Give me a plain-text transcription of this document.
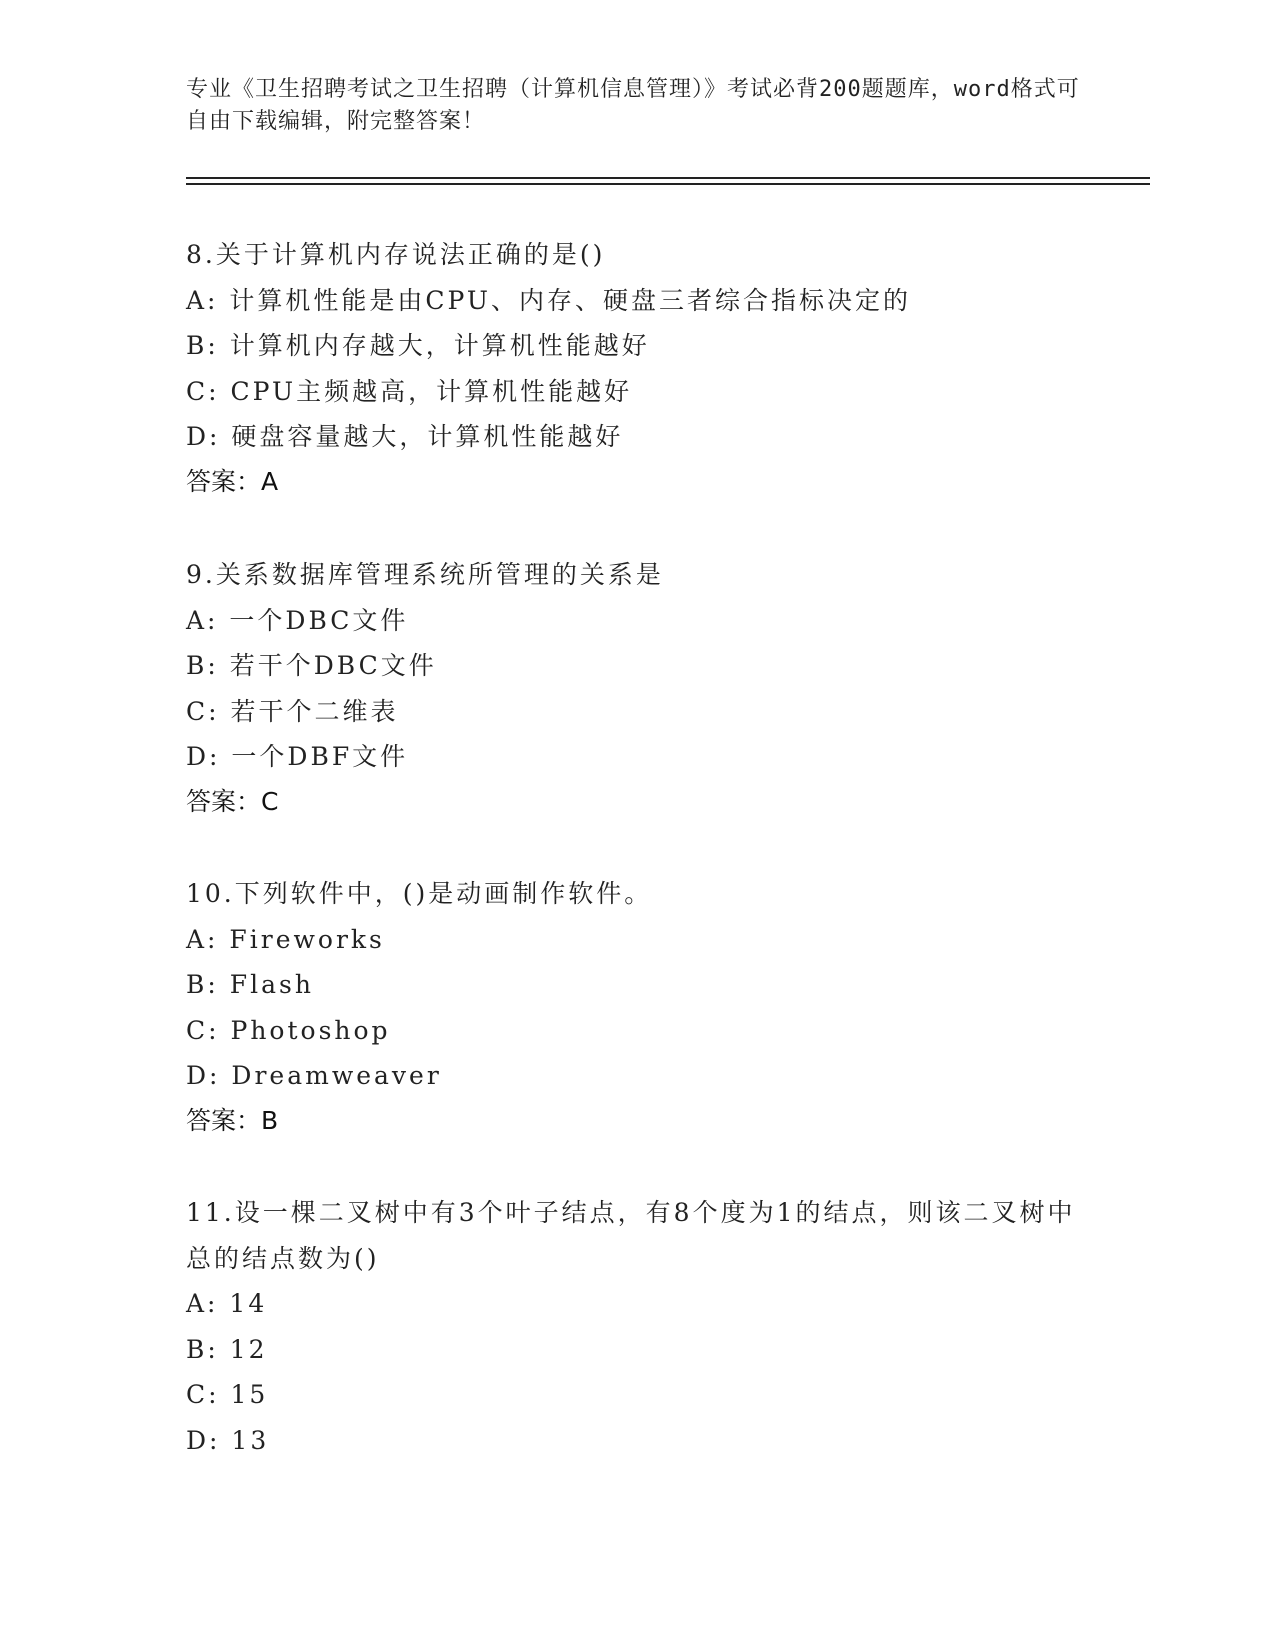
专业《卫生招聘考试之卫生招聘（计算机信息管理）》考试必背200题题库，word格式可自由下载编辑，附完整答案！
8.关于计算机内存说法正确的是()
A: 计算机性能是由CPU、内存、硬盘三者综合指标决定的
B: 计算机内存越大，计算机性能越好
C: CPU主频越高，计算机性能越好
D: 硬盘容量越大，计算机性能越好
答案：A
9.关系数据库管理系统所管理的关系是
A: 一个DBC文件
B: 若干个DBC文件
C: 若干个二维表
D: 一个DBF文件
答案：C
10.下列软件中，()是动画制作软件。
A: Fireworks
B: Flash
C: Photoshop
D: Dreamweaver
答案：B
11.设一棵二叉树中有3个叶子结点，有8个度为1的结点，则该二叉树中总的结点数为()
A: 14
B: 12
C: 15
D: 13
